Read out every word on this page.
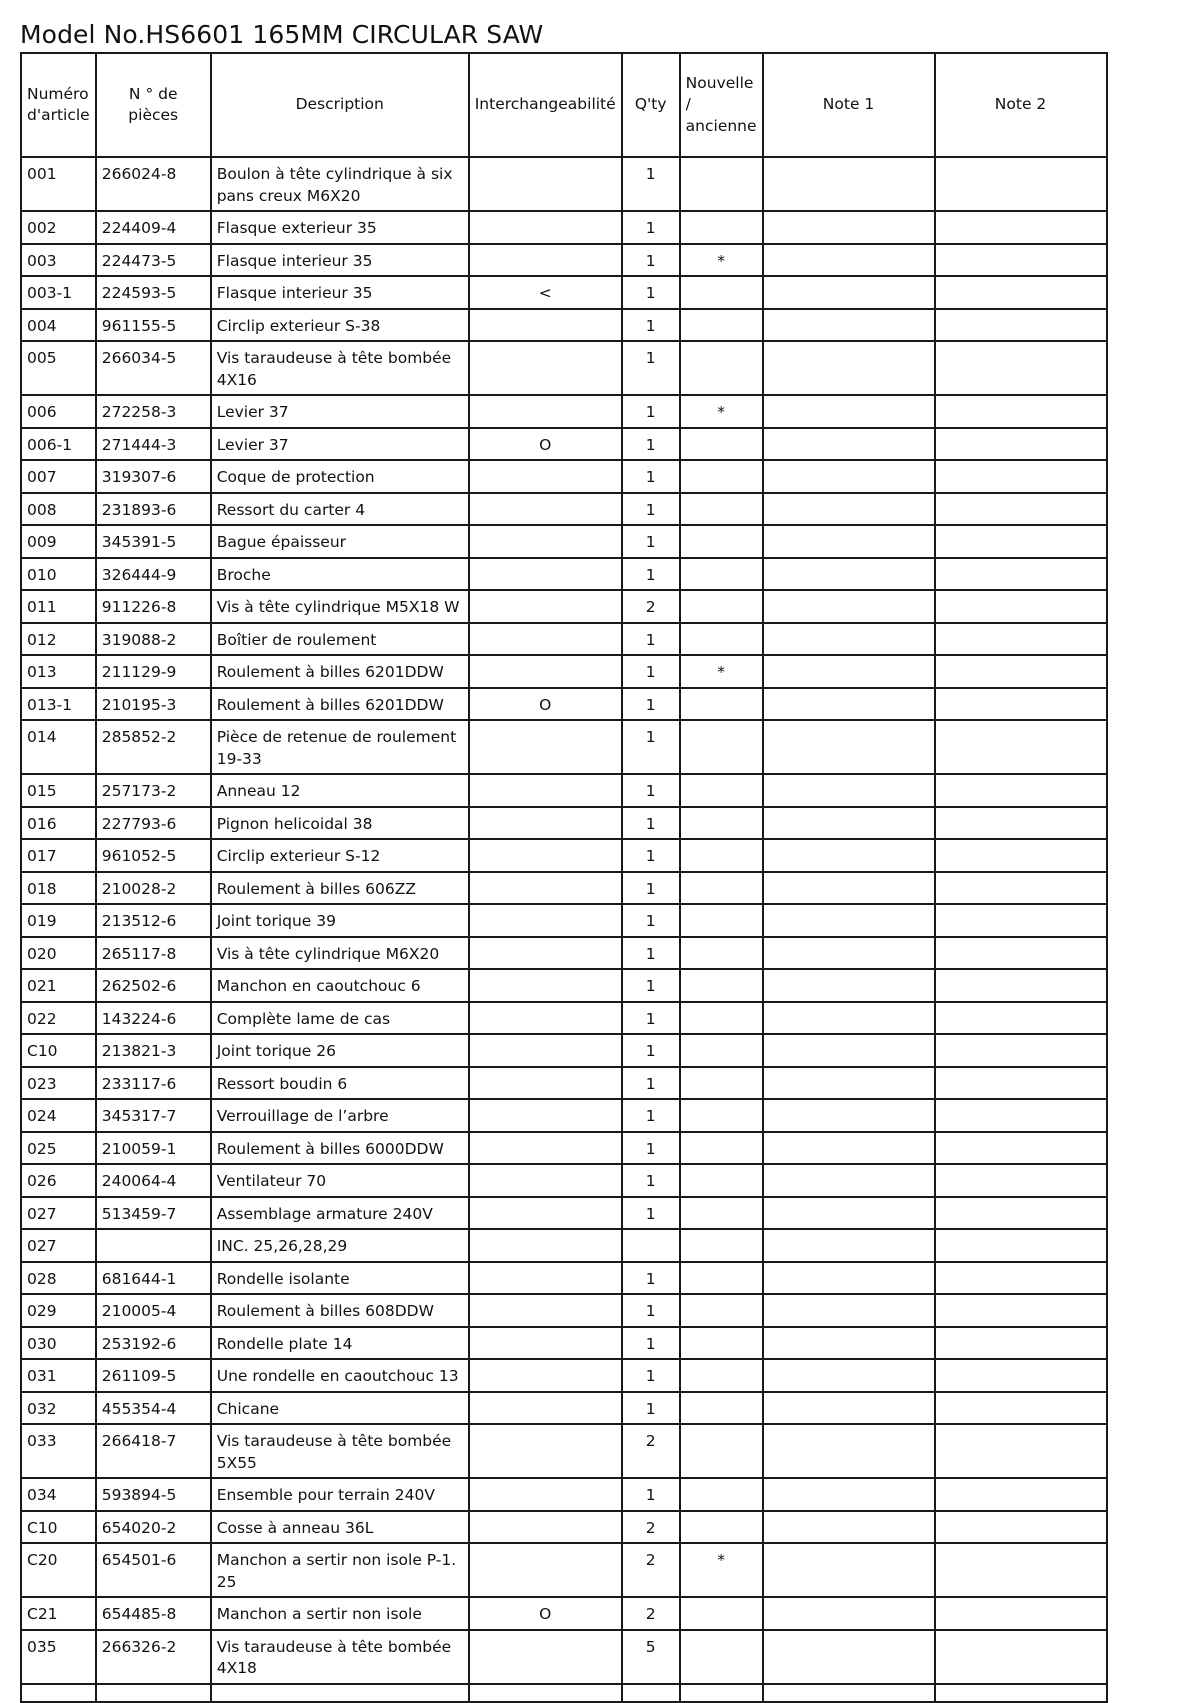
Model No.HS6601 165MM CIRCULAR SAW
Numéro d'article	N ° de pièces	Description	Interchangeabilité	Q'ty	Nouvelle / ancienne	Note 1	Note 2
001	266024-8	Boulon à tête cylindrique à six pans creux M6X20		1			
002	224409-4	Flasque exterieur 35		1			
003	224473-5	Flasque interieur 35		1	*		
003-1	224593-5	Flasque interieur 35	<	1			
004	961155-5	Circlip exterieur S-38		1			
005	266034-5	Vis taraudeuse à tête bombée 4X16		1			
006	272258-3	Levier 37		1	*		
006-1	271444-3	Levier 37	O	1			
007	319307-6	Coque de protection		1			
008	231893-6	Ressort du carter 4		1			
009	345391-5	Bague épaisseur		1			
010	326444-9	Broche		1			
011	911226-8	Vis à tête cylindrique M5X18 W		2			
012	319088-2	Boîtier de roulement		1			
013	211129-9	Roulement à billes 6201DDW		1	*		
013-1	210195-3	Roulement à billes 6201DDW	O	1			
014	285852-2	Pièce de retenue de roulement 19-33		1			
015	257173-2	Anneau 12		1			
016	227793-6	Pignon helicoidal 38		1			
017	961052-5	Circlip exterieur S-12		1			
018	210028-2	Roulement à billes 606ZZ		1			
019	213512-6	Joint torique 39		1			
020	265117-8	Vis à tête cylindrique M6X20		1			
021	262502-6	Manchon en caoutchouc 6		1			
022	143224-6	Complète lame de cas		1			
C10	213821-3	Joint torique 26		1			
023	233117-6	Ressort boudin 6		1			
024	345317-7	Verrouillage de l’arbre		1			
025	210059-1	Roulement à billes 6000DDW		1			
026	240064-4	Ventilateur 70		1			
027	513459-7	Assemblage armature 240V		1			
027		INC. 25,26,28,29					
028	681644-1	Rondelle isolante		1			
029	210005-4	Roulement à billes 608DDW		1			
030	253192-6	Rondelle plate 14		1			
031	261109-5	Une rondelle en caoutchouc 13		1			
032	455354-4	Chicane		1			
033	266418-7	Vis taraudeuse à tête bombée 5X55		2			
034	593894-5	Ensemble pour terrain 240V		1			
C10	654020-2	Cosse à anneau 36L		2			
C20	654501-6	Manchon a sertir non isole P-1.25		2	*		
C21	654485-8	Manchon a sertir non isole	O	2			
035	266326-2	Vis taraudeuse à tête bombée 4X18		5			
